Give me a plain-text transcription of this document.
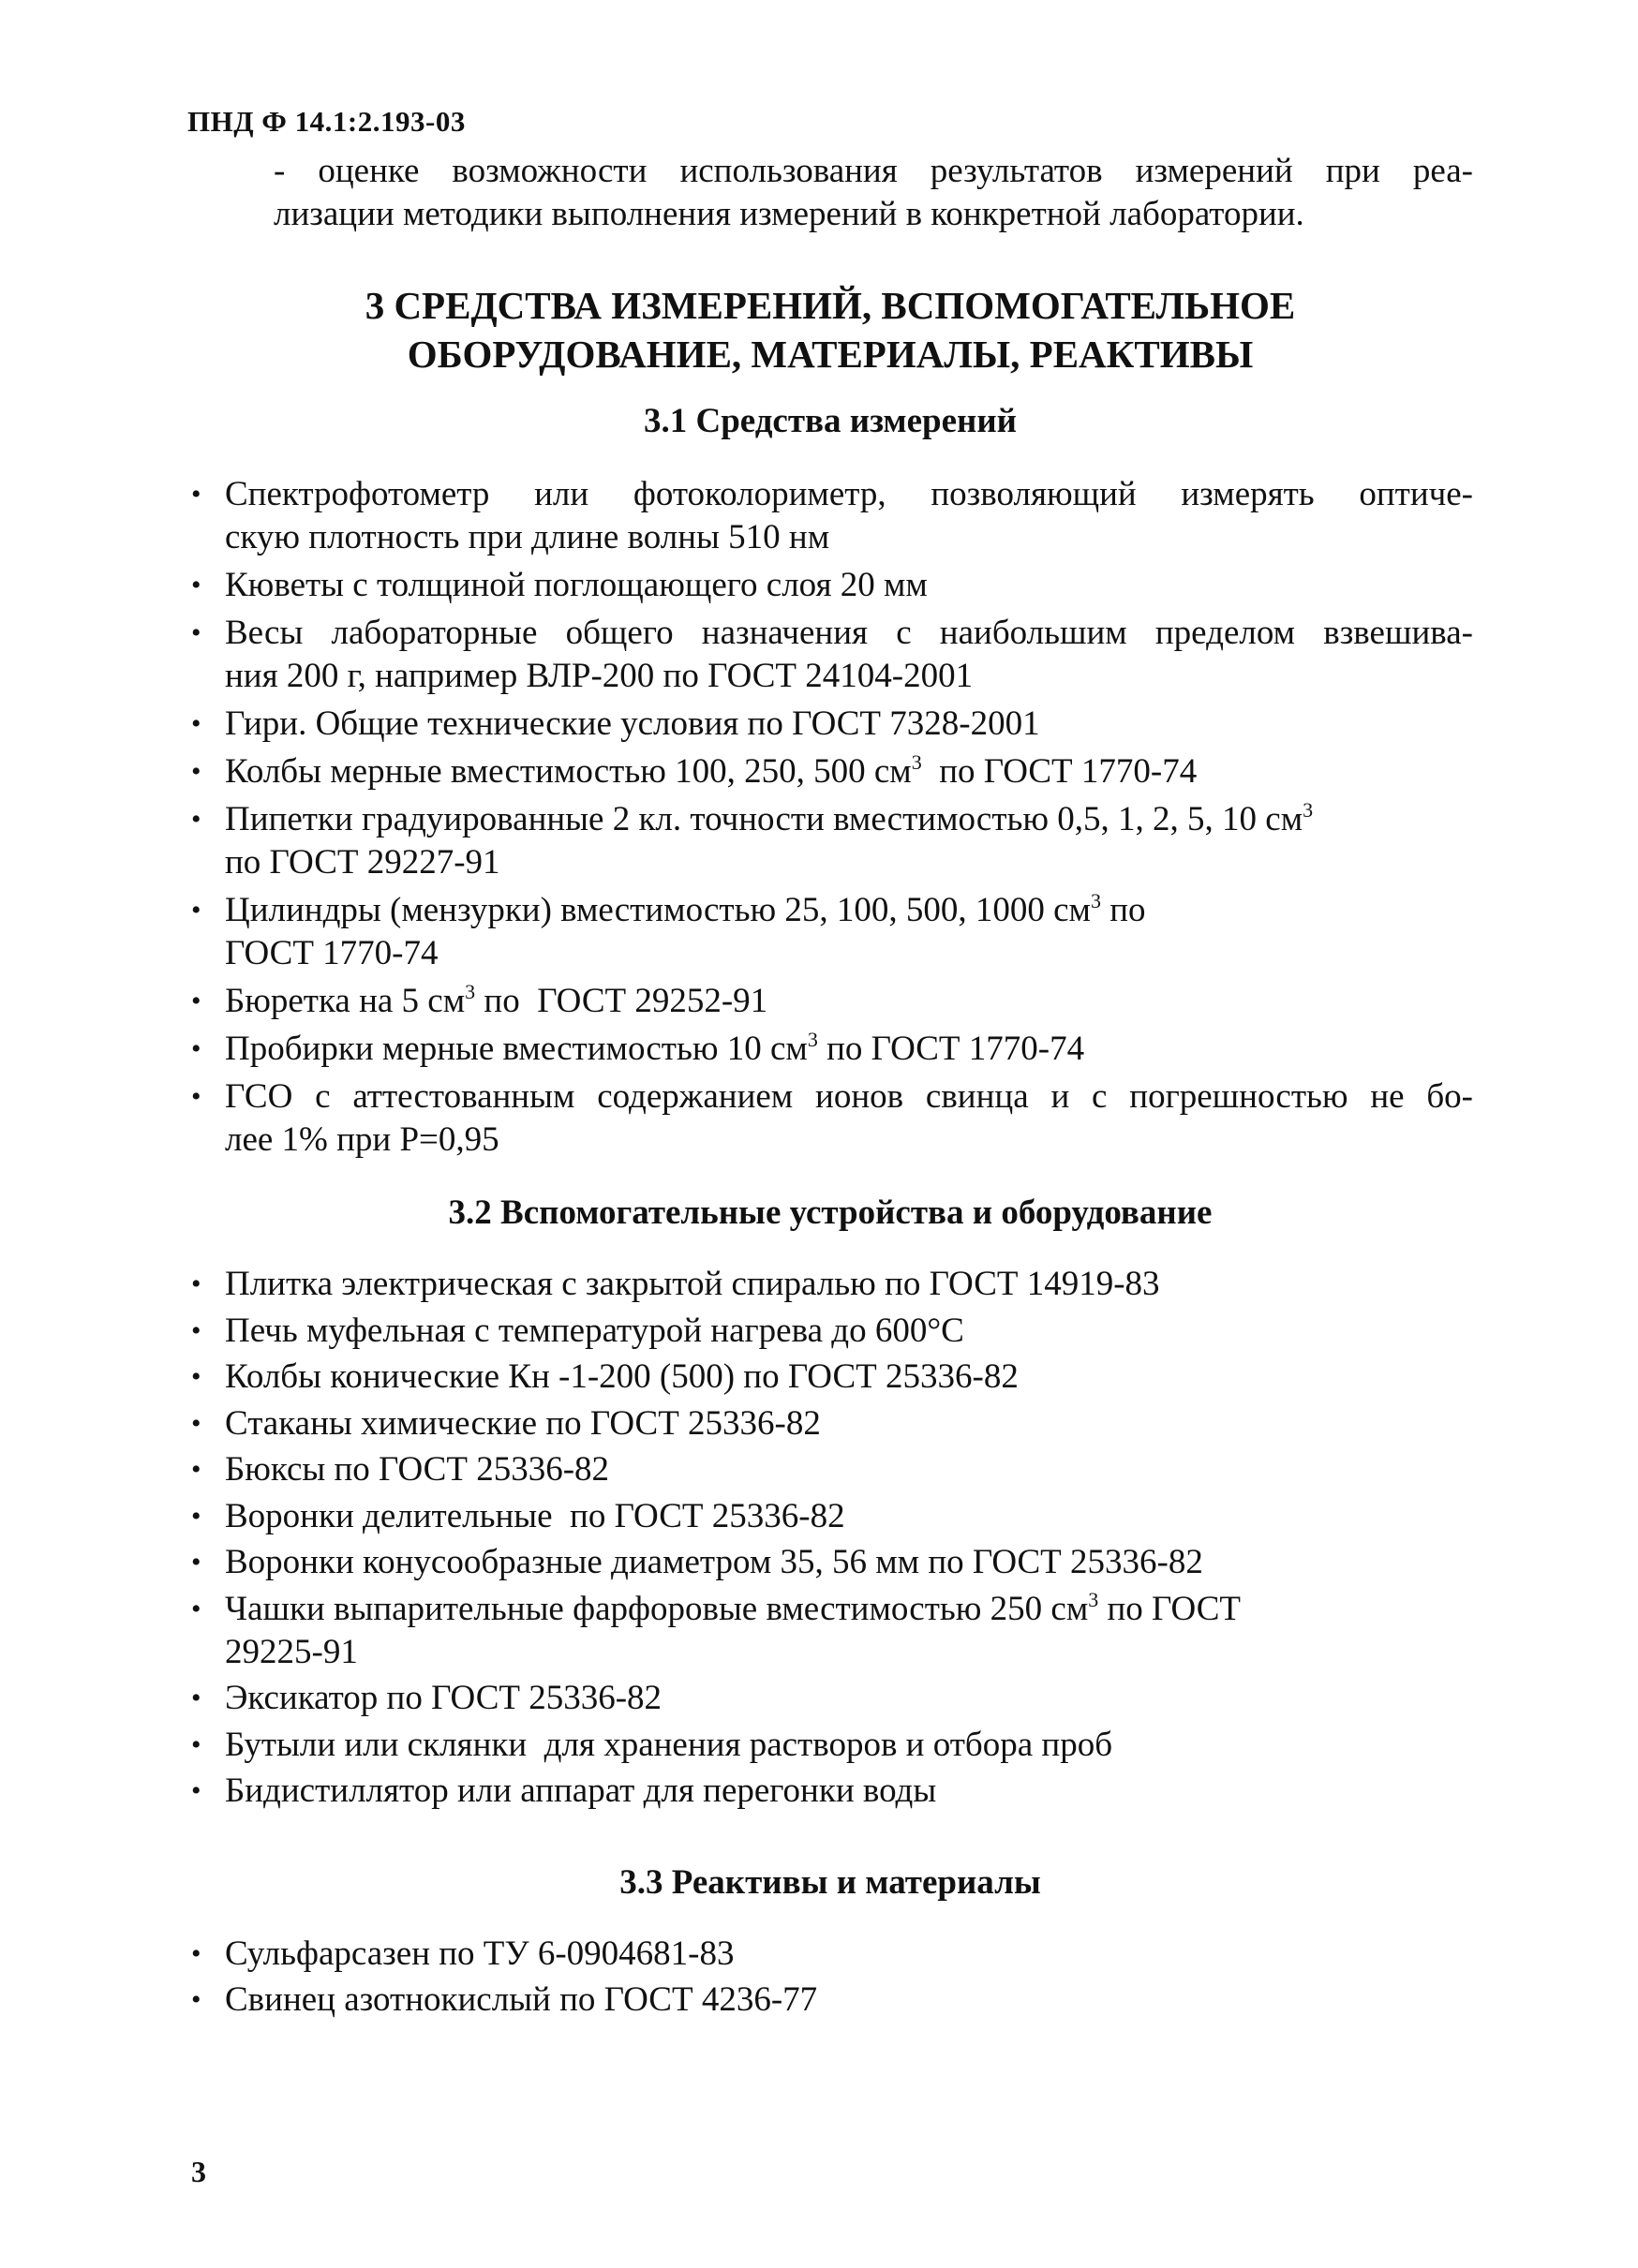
ПНД Ф 14.1:2.193-03
- оценке возможности использования результатов измерений при реа-
лизации методики выполнения измерений в конкретной лаборатории.
3 СРЕДСТВА ИЗМЕРЕНИЙ, ВСПОМОГАТЕЛЬНОЕ
ОБОРУДОВАНИЕ, МАТЕРИАЛЫ, РЕАКТИВЫ
3.1 Средства измерений
• Спектрофотометр или фотоколориметр, позволяющий измерять оптиче-
скую плотность при длине волны 510 нм
• Кюветы с толщиной поглощающего слоя 20 мм
• Весы лабораторные общего назначения с наибольшим пределом взвешива-
ния 200 г, например ВЛР-200 по ГОСТ 24104-2001
• Гири. Общие технические условия по ГОСТ 7328-2001
• Колбы мерные вместимостью 100, 250, 500 $см^3$  по ГОСТ 1770-74
• Пипетки градуированные 2 кл. точности вместимостью 0,5, 1, 2, 5, 10 $см^3$
по ГОСТ 29227-91
• Цилиндры (мензурки) вместимостью 25, 100, 500, 1000 $см^3$ по
ГОСТ 1770-74
• Бюретка на 5 $см^3$ по  ГОСТ 29252-91
• Пробирки мерные вместимостью 10 $см^3$ по ГОСТ 1770-74
• ГСО с аттестованным содержанием ионов свинца и с погрешностью не бо-
лее 1% при Р=0,95
3.2 Вспомогательные устройства и оборудование
• Плитка электрическая с закрытой спиралью по ГОСТ 14919-83
• Печь муфельная с температурой нагрева до 600°С
• Колбы конические Кн -1-200 (500) по ГОСТ 25336-82
• Стаканы химические по ГОСТ 25336-82
• Бюксы по ГОСТ 25336-82
• Воронки делительные  по ГОСТ 25336-82
• Воронки конусообразные диаметром 35, 56 мм по ГОСТ 25336-82
• Чашки выпарительные фарфоровые вместимостью 250 $см^3$ по ГОСТ
29225-91
• Эксикатор по ГОСТ 25336-82
• Бутыли или склянки  для хранения растворов и отбора проб
• Бидистиллятор или аппарат для перегонки воды
3.3 Реактивы и материалы
• Сульфарсазен по ТУ 6-0904681-83
• Свинец азотнокислый по ГОСТ 4236-77
3
